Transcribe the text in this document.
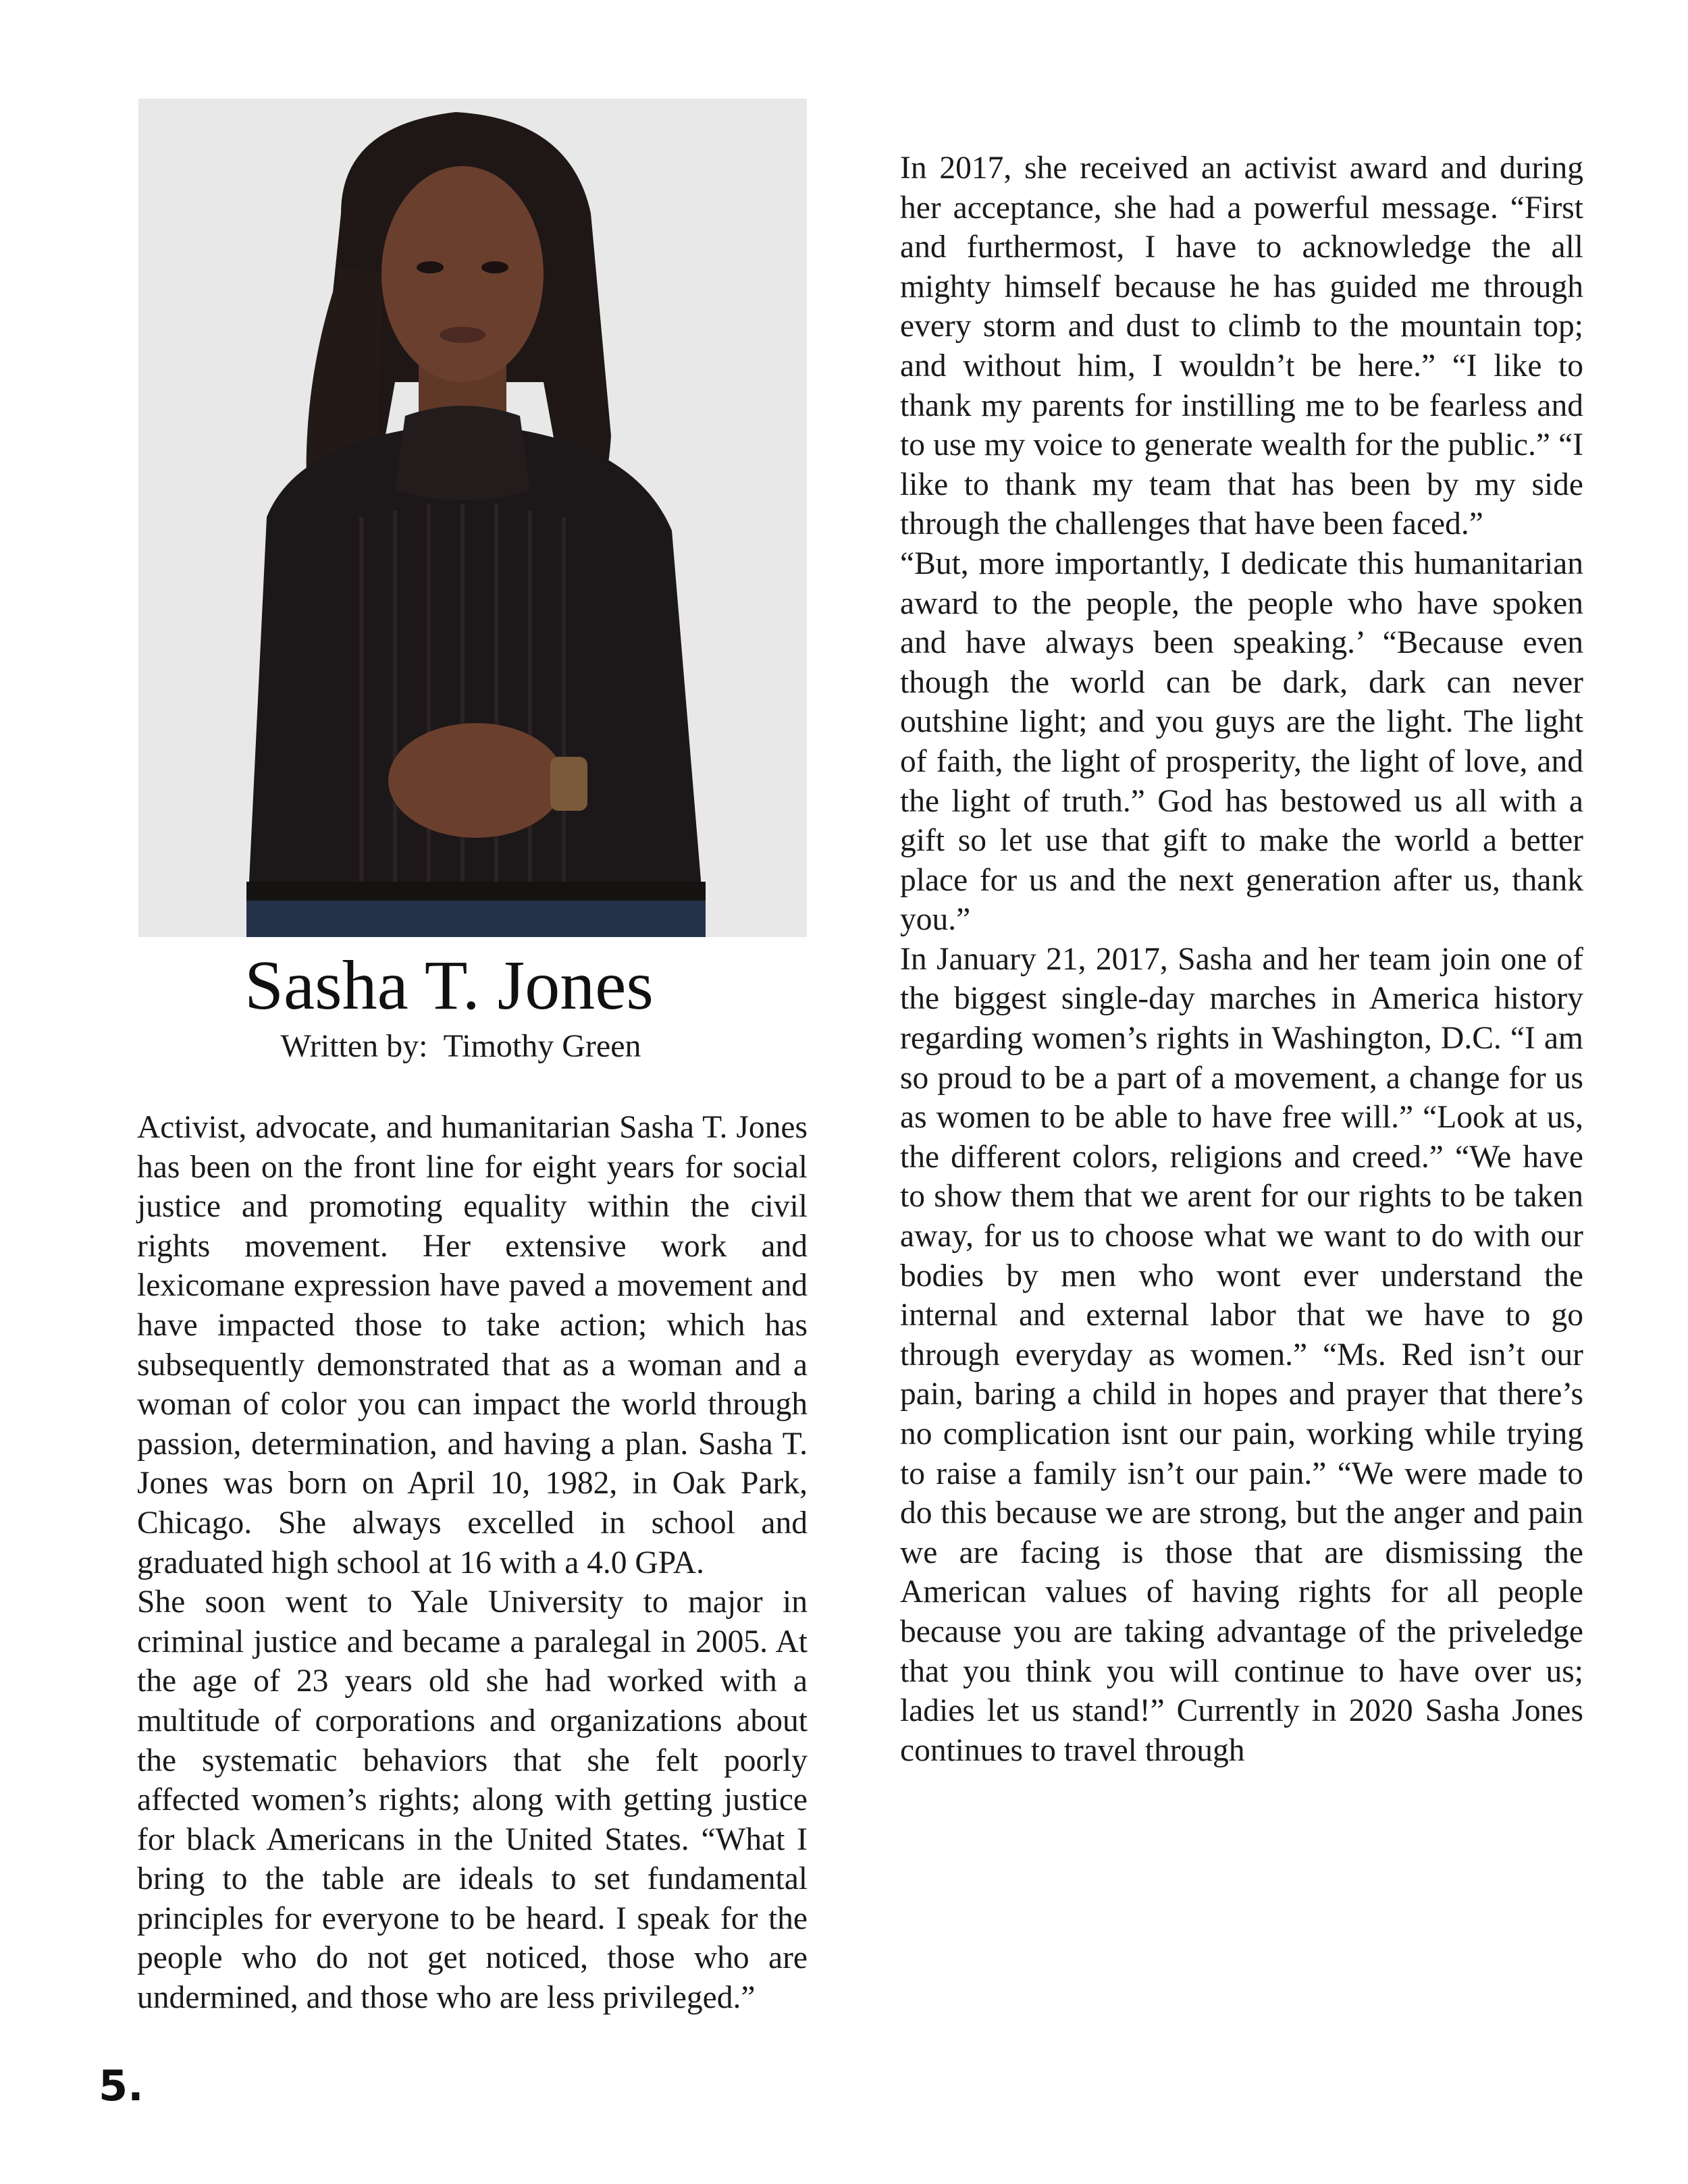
Sasha T. Jones
Written by:  Timothy Green

Activist, advocate, and humanitarian Sasha T. Jones has been on the front line for eight years for social justice and promoting equality within the civil rights movement. Her extensive work and lexicomane expression have paved a movement and have impacted those to take action; which has subsequently demonstrated that as a woman and a woman of color you can impact the world through passion, determination, and having a plan. Sasha T. Jones was born on April 10, 1982, in Oak Park, Chicago. She always excelled in school and graduated high school at 16 with a 4.0 GPA.

She soon went to Yale University to major in criminal justice and became a paralegal in 2005. At the age of 23 years old she had worked with a multitude of corporations and organizations about the systematic behaviors that she felt poorly affected women’s rights; along with getting justice for black Americans in the United States. “What I bring to the table are ideals to set fundamental principles for everyone to be heard. I speak for the people who do not get noticed, those who are undermined, and those who are less privileged.”

In 2017, she received an activist award and during her acceptance, she had a powerful message. “First and furthermost, I have to acknowledge the all mighty himself because he has guided me through every storm and dust to climb to the mountain top; and without him, I wouldn’t be here.” “I like to thank my parents for instilling me to be fearless and to use my voice to generate wealth for the public.” “I like to thank my team that has been by my side through the challenges that have been faced.”

“But, more importantly, I dedicate this humanitarian award to the people, the people who have spoken and have always been speaking.’ “Because even though the world can be dark, dark can never outshine light; and you guys are the light. The light of faith, the light of prosperity, the light of love, and the light of truth.” God has bestowed us all with a gift so let use that gift to make the world a better place for us and the next generation after us, thank you.”

In January 21, 2017, Sasha and her team join one of the biggest single-day marches in America history regarding women’s rights in Washington, D.C. “I am so proud to be a part of a movement, a change for us as women to be able to have free will.” “Look at us, the different colors, religions and creed.” “We have to show them that we arent for our rights to be taken away, for us to choose what we want to do with our bodies by men who wont ever understand the internal and external labor that we have to go through everyday as women.” “Ms. Red isn’t our pain, baring a child in hopes and prayer that there’s no complication isnt our pain, working while trying to raise a family isn’t our pain.” “We were made to do this because we are strong, but the anger and pain we are facing is those that are dismissing the American values of having rights for all people because you are taking advantage of the priveledge that you think you will continue to have over us; ladies let us stand!” Currently in 2020 Sasha Jones continues to travel through

5.
